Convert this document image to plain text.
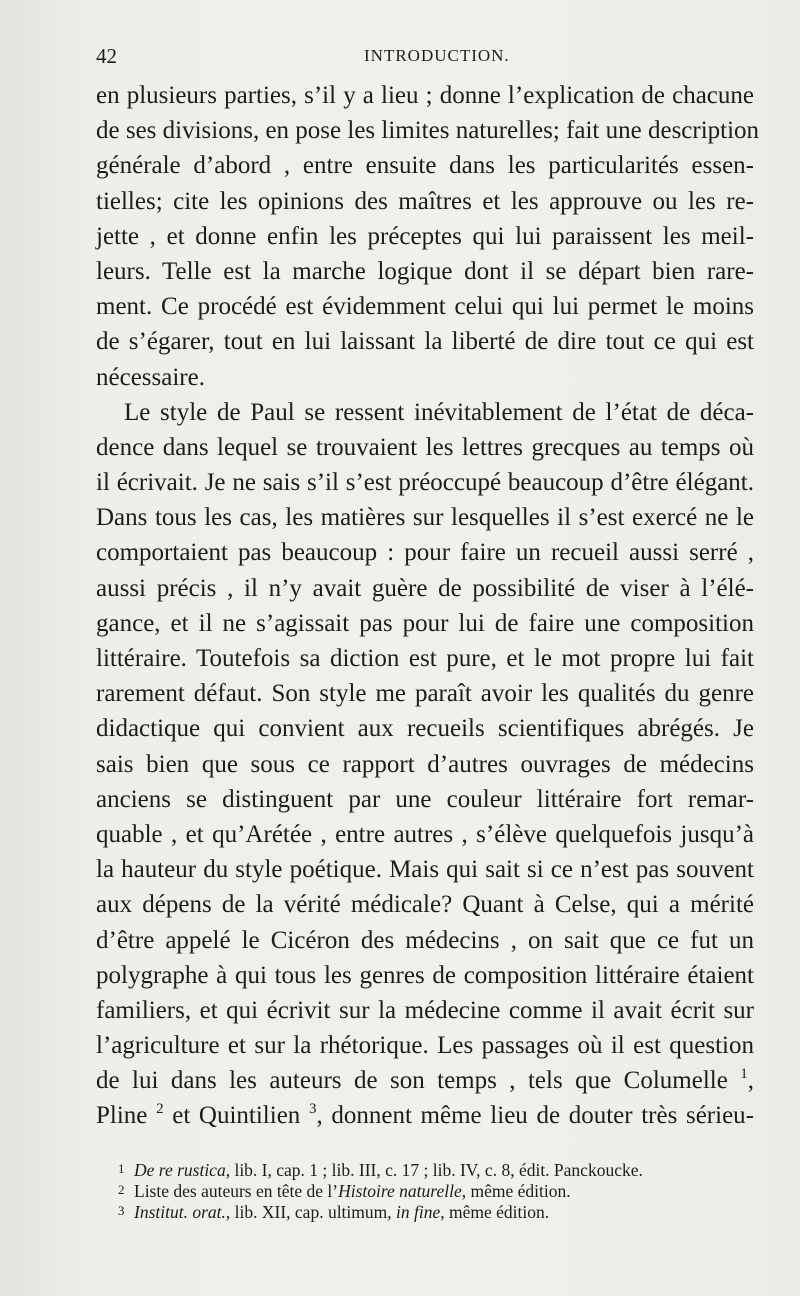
42	INTRODUCTION.
en plusieurs parties, s’il y a lieu ; donne l’explication de chacune
de ses divisions, en pose les limites naturelles; fait une description
générale d’abord , entre ensuite dans les particularités essen-
tielles; cite les opinions des maîtres et les approuve ou les re-
jette , et donne enfin les préceptes qui lui paraissent les meil-
leurs. Telle est la marche logique dont il se départ bien rare-
ment. Ce procédé est évidemment celui qui lui permet le moins
de s’égarer, tout en lui laissant la liberté de dire tout ce qui est
nécessaire.
Le style de Paul se ressent inévitablement de l’état de déca-
dence dans lequel se trouvaient les lettres grecques au temps où
il écrivait. Je ne sais s’il s’est préoccupé beaucoup d’être élégant.
Dans tous les cas, les matières sur lesquelles il s’est exercé ne le
comportaient pas beaucoup : pour faire un recueil aussi serré ,
aussi précis , il n’y avait guère de possibilité de viser à l’élé-
gance, et il ne s’agissait pas pour lui de faire une composition
littéraire. Toutefois sa diction est pure, et le mot propre lui fait
rarement défaut. Son style me paraît avoir les qualités du genre
didactique qui convient aux recueils scientifiques abrégés. Je
sais bien que sous ce rapport d’autres ouvrages de médecins
anciens se distinguent par une couleur littéraire fort remar-
quable , et qu’Arétée , entre autres , s’élève quelquefois jusqu’à
la hauteur du style poétique. Mais qui sait si ce n’est pas souvent
aux dépens de la vérité médicale? Quant à Celse, qui a mérité
d’être appelé le Cicéron des médecins , on sait que ce fut un
polygraphe à qui tous les genres de composition littéraire étaient
familiers, et qui écrivit sur la médecine comme il avait écrit sur
l’agriculture et sur la rhétorique. Les passages où il est question
de lui dans les auteurs de son temps , tels que Columelle $^1$,
Pline $^2$ et Quintilien $^3$, donnent même lieu de douter très sérieu-
1 De re rustica, lib. I, cap. 1 ; lib. III, c. 17 ; lib. IV, c. 8, édit. Panckoucke.
2 Liste des auteurs en tête de l’Histoire naturelle, même édition.
3 Institut. orat., lib. XII, cap. ultimum, in fine, même édition.
